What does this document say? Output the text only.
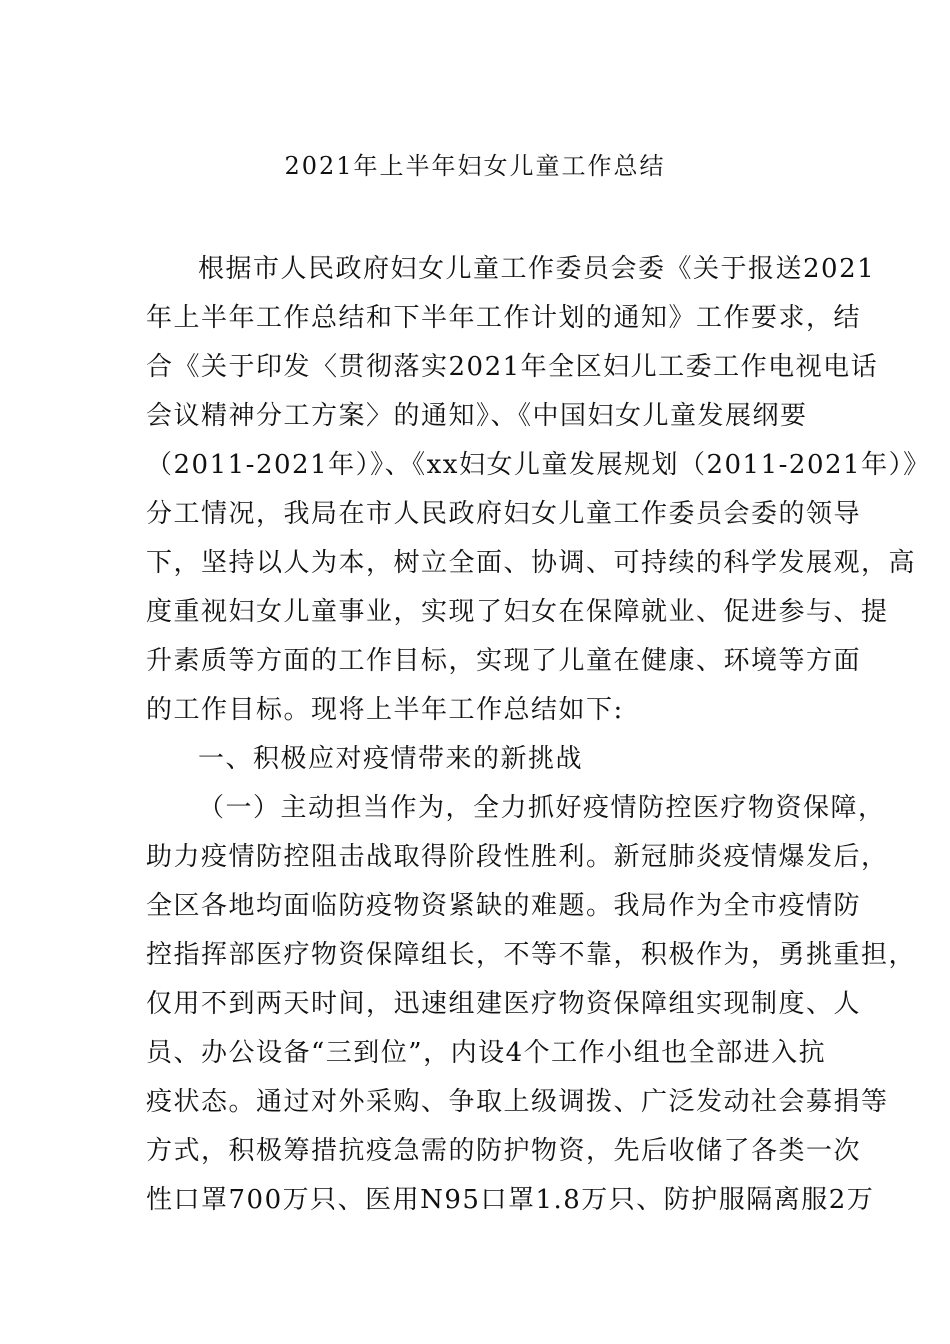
2021年上半年妇女儿童工作总结
根据市人民政府妇女儿童工作委员会委《关于报送2021
年上半年工作总结和下半年工作计划的通知》工作要求，结
合《关于印发〈贯彻落实2021年全区妇儿工委工作电视电话
会议精神分工方案〉的通知》、《中国妇女儿童发展纲要
（2011-2021年）》、《xx妇女儿童发展规划（2011-2021年）》
分工情况，我局在市人民政府妇女儿童工作委员会委的领导
下，坚持以人为本，树立全面、协调、可持续的科学发展观，高
度重视妇女儿童事业，实现了妇女在保障就业、促进参与、提
升素质等方面的工作目标，实现了儿童在健康、环境等方面
的工作目标。现将上半年工作总结如下:
一、积极应对疫情带来的新挑战
（一）主动担当作为，全力抓好疫情防控医疗物资保障，
助力疫情防控阻击战取得阶段性胜利。新冠肺炎疫情爆发后，
全区各地均面临防疫物资紧缺的难题。我局作为全市疫情防
控指挥部医疗物资保障组长，不等不靠，积极作为，勇挑重担，
仅用不到两天时间，迅速组建医疗物资保障组实现制度、人
员、办公设备“三到位”，内设4个工作小组也全部进入抗
疫状态。通过对外采购、争取上级调拨、广泛发动社会募捐等
方式，积极筹措抗疫急需的防护物资，先后收储了各类一次
性口罩700万只、医用N95口罩1.8万只、防护服隔离服2万
